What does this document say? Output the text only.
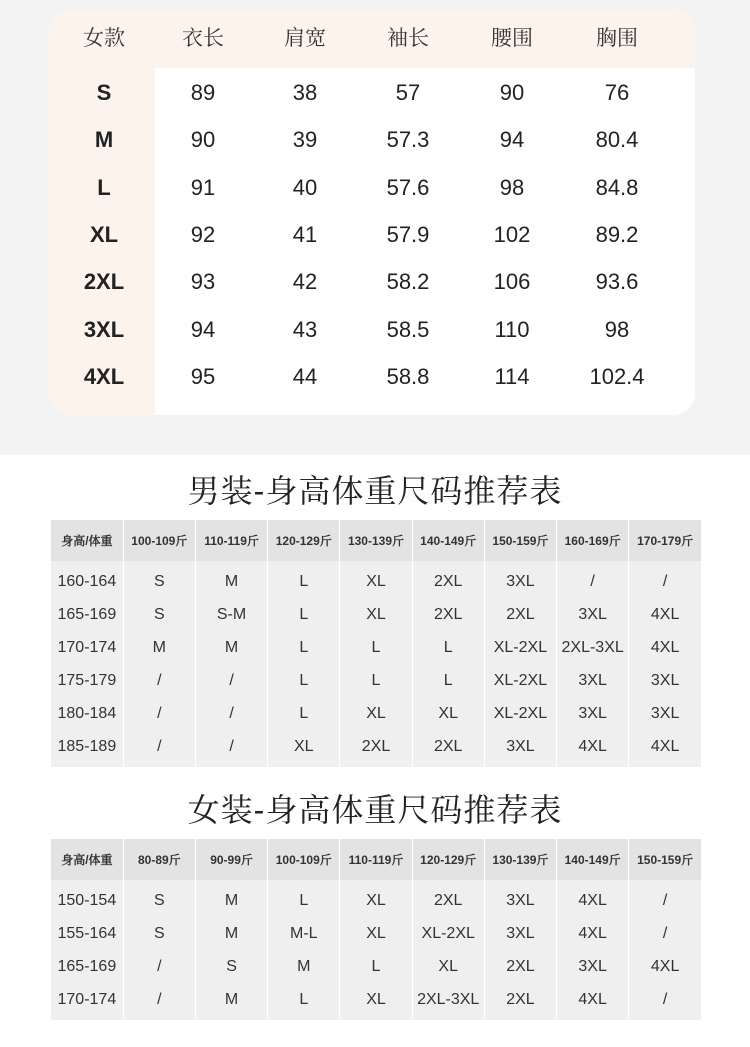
女款	衣长	肩宽	袖长	腰围	胸围
S	89	38	57	90	76
M	90	39	57.3	94	80.4
L	91	40	57.6	98	84.8
XL	92	41	57.9	102	89.2
2XL	93	42	58.2	106	93.6
3XL	94	43	58.5	110	98
4XL	95	44	58.8	114	102.4
男装-身高体重尺码推荐表
身高/体重	100-109斤	110-119斤	120-129斤	130-139斤	140-149斤	150-159斤	160-169斤	170-179斤
160-164	S	M	L	XL	2XL	3XL	/	/
165-169	S	S-M	L	XL	2XL	2XL	3XL	4XL
170-174	M	M	L	L	L	XL-2XL	2XL-3XL	4XL
175-179	/	/	L	L	L	XL-2XL	3XL	3XL
180-184	/	/	L	XL	XL	XL-2XL	3XL	3XL
185-189	/	/	XL	2XL	2XL	3XL	4XL	4XL
女装-身高体重尺码推荐表
身高/体重	80-89斤	90-99斤	100-109斤	110-119斤	120-129斤	130-139斤	140-149斤	150-159斤
150-154	S	M	L	XL	2XL	3XL	4XL	/
155-164	S	M	M-L	XL	XL-2XL	3XL	4XL	/
165-169	/	S	M	L	XL	2XL	3XL	4XL
170-174	/	M	L	XL	2XL-3XL	2XL	4XL	/
